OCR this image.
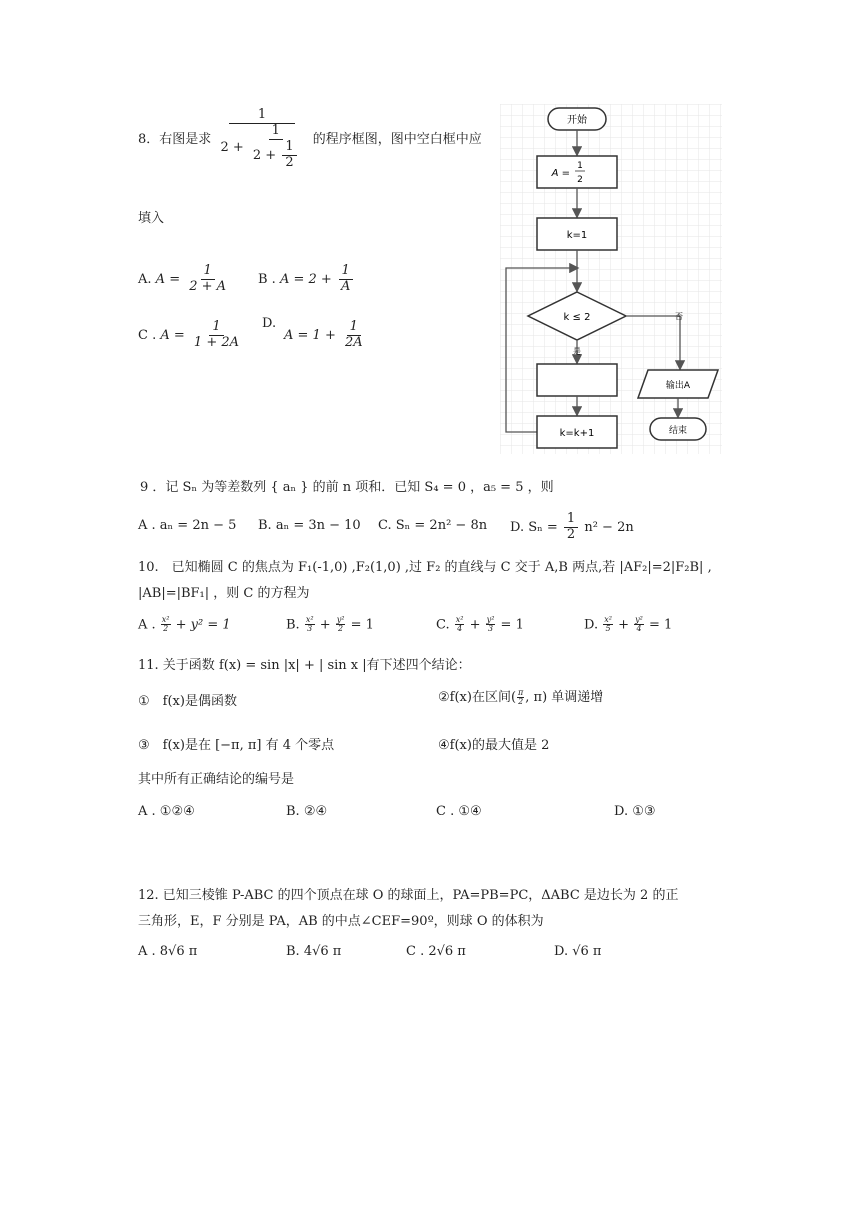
8．右图是求
1
$2 + \frac{1}{2 + \frac{1}{2}}$ 的程序框图，图中空白框中应
填入
A. $A = \frac{1}{2 + A}$ B . $A = 2 + \frac{1}{A}$
C . $A = \frac{1}{1 + 2A} D$.
$A = 1 + \frac{1}{2A}$
开始
A =
1
2
k=1
k ≤ 2	否
是
k=k+1
输出A
结束
9 ．记 Sₙ 为等差数列 { aₙ } 的前 n 项和．已知 S₄ = 0 ，a₅ = 5 ，则
A . aₙ = 2n − 5 B. aₙ = 3n − 10 C. Sₙ = 2n² − 8n D. $S_n = \frac{1}{2} n^2 - 2n$
10.　已知椭圆 C 的焦点为 F₁(-1,0) ,F₂(1,0) ,过 F₂ 的直线与 C 交于 A,B 两点,若 |AF₂|=2|F₂B| ,
|AB|=|BF₁| ，则 C 的方程为
A . $\frac{\text{x²}}{2} + y^2 = 1$	B. $\frac{\text{x²}}{3} + \frac{\text{y²}}{2} = 1$	C. $\frac{\text{x²}}{4} + \frac{\text{y²}}{3} = 1$	D. $\frac{\text{x²}}{5} + \frac{\text{y²}}{4} = 1$
11. 关于函数 f(x) = sin |x| + | sin x |有下述四个结论：
①　f(x)是偶函数	②f(x)在区间( $\frac{\pi}{2}$ , π) 单调递增
③　f(x)是在 [−π, π] 有 4 个零点	④f(x)的最大值是 2
其中所有正确结论的编号是
A . ①②④	B. ②④	C . ①④	D. ①③
12. 已知三棱锥 P-ABC 的四个顶点在球 O 的球面上，PA=PB=PC，ΔABC 是边长为 2 的正
三角形，E，F 分别是 PA，AB 的中点∠CEF=90º，则球 O 的体积为
A . 8√6 π	B. 4√6 π	C . 2√6 π	D. √6 π
